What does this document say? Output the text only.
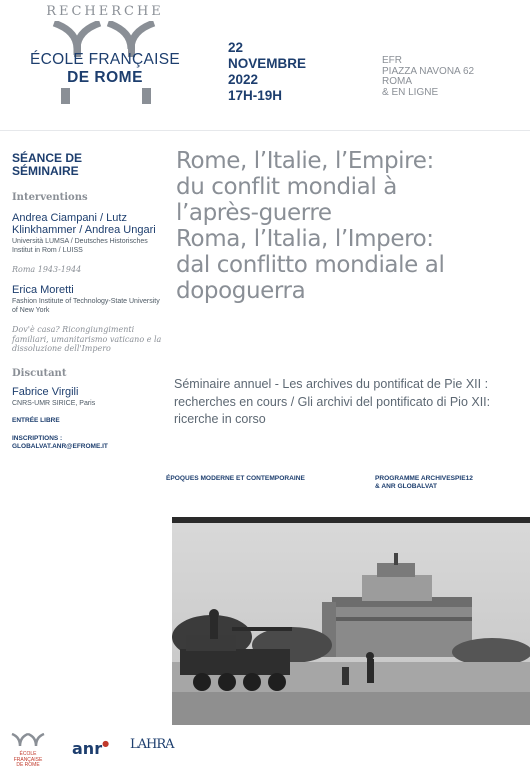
RECHERCHE
ÉCOLE FRANÇAISE
DE ROME
22
NOVEMBRE
2022
17H-19H
EFR
PIAZZA NAVONA 62
ROMA
& EN LIGNE
SÉANCE DE
SÉMINAIRE
Interventions
Andrea Ciampani / Lutz Klinkhammer / Andrea Ungari
Università LUMSA / Deutsches Historisches Institut in Rom / LUISS
Roma 1943-1944
Erica Moretti
Fashion Institute of Technology-State University of New York
Dov'è casa? Ricongiungimenti familiari, umanitarismo vaticano e la dissoluzione dell'Impero
Discutant
Fabrice Virgili
CNRS-UMR SIRICE, Paris
ENTRÉE LIBRE
INSCRIPTIONS :
GLOBALVAT.ANR@EFROME.IT
Rome, l’Italie, l’Empire:
du conflit mondial à
l’après-guerre
Roma, l’Italia, l’Impero:
dal conflitto mondiale al
dopoguerra
Séminaire annuel - Les archives du pontificat de Pie XII : recherches en cours / Gli archivi del pontificato di Pio XII: ricerche in corso
ÉPOQUES MODERNE ET CONTEMPORAINE	PROGRAMME ARCHIVESPIE12
& ANR GLOBALVAT
ÉCOLE FRANÇAISE
DE ROME
anr● LAHRA
